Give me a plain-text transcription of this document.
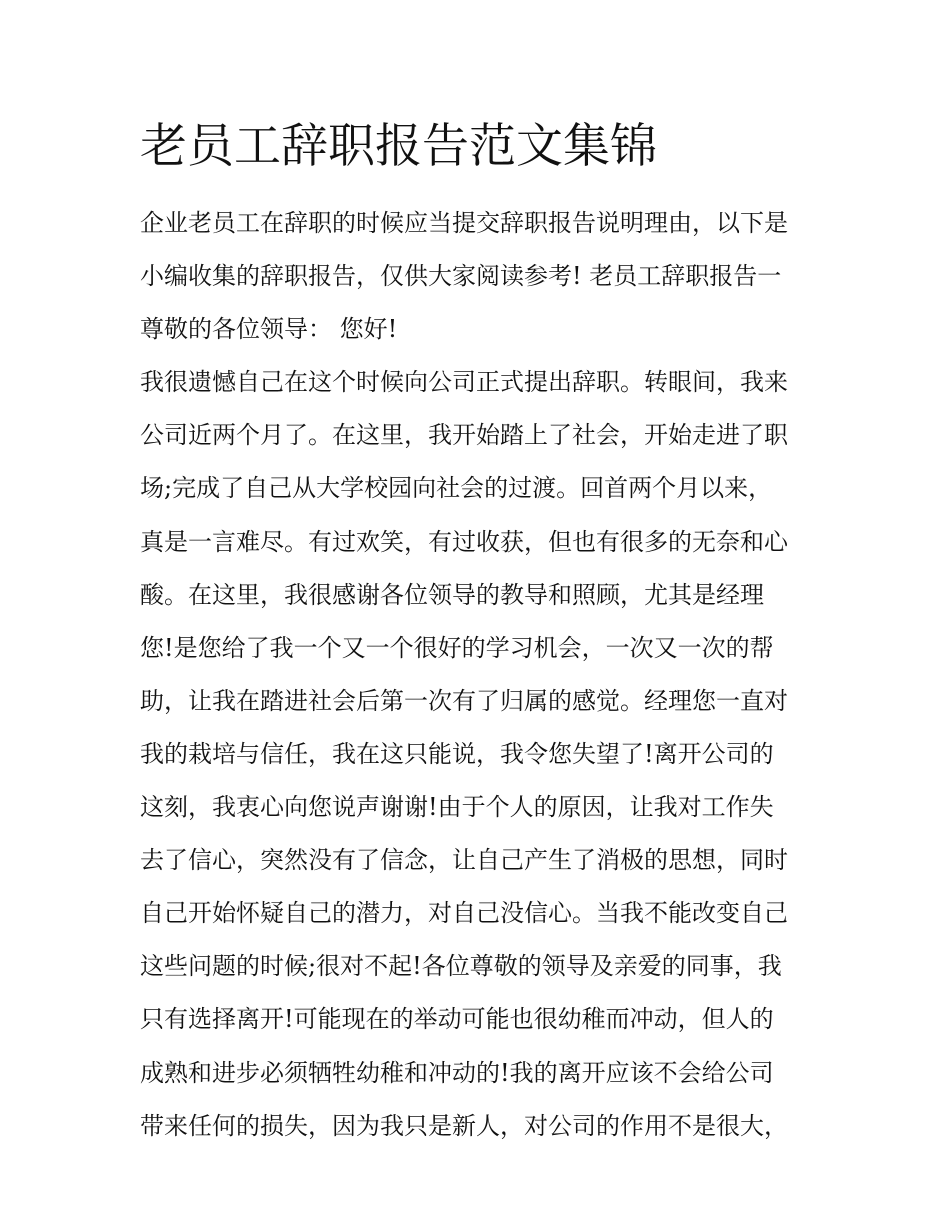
老员工辞职报告范文集锦
企业老员工在辞职的时候应当提交辞职报告说明理由，以下是
小编收集的辞职报告，仅供大家阅读参考! 老员工辞职报告一
尊敬的各位领导： 您好!
我很遗憾自己在这个时候向公司正式提出辞职。转眼间，我来
公司近两个月了。在这里，我开始踏上了社会，开始走进了职
场;完成了自己从大学校园向社会的过渡。回首两个月以来，
真是一言难尽。有过欢笑，有过收获，但也有很多的无奈和心
酸。在这里，我很感谢各位领导的教导和照顾，尤其是经理
您!是您给了我一个又一个很好的学习机会，一次又一次的帮
助，让我在踏进社会后第一次有了归属的感觉。经理您一直对
我的栽培与信任，我在这只能说，我令您失望了!离开公司的
这刻，我衷心向您说声谢谢!由于个人的原因，让我对工作失
去了信心，突然没有了信念，让自己产生了消极的思想，同时
自己开始怀疑自己的潜力，对自己没信心。当我不能改变自己
这些问题的时候;很对不起!各位尊敬的领导及亲爱的同事，我
只有选择离开!可能现在的举动可能也很幼稚而冲动，但人的
成熟和进步必须牺牲幼稚和冲动的!我的离开应该不会给公司
带来任何的损失，因为我只是新人，对公司的作用不是很大，
